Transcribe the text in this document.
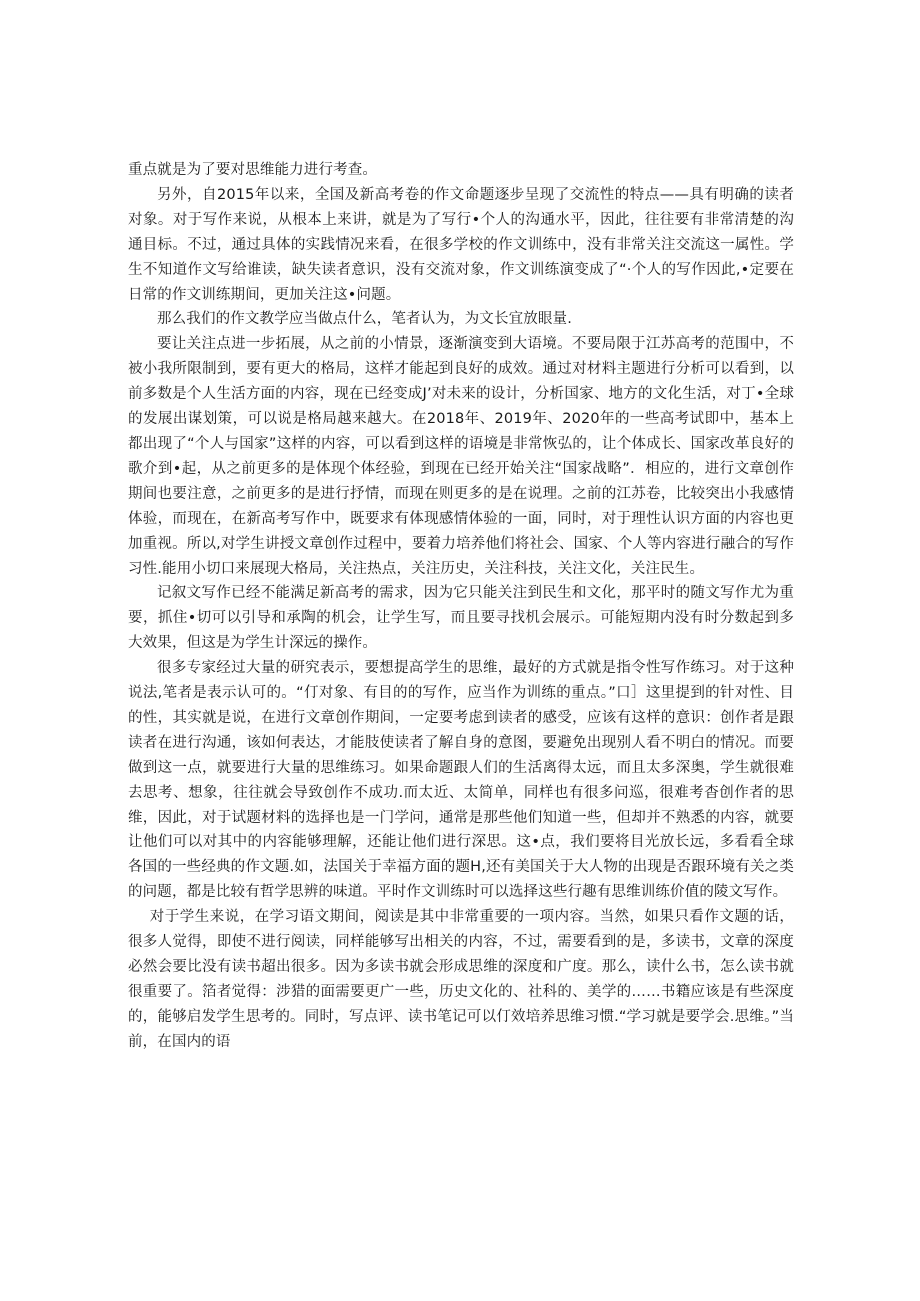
重点就是为了要对思维能力进行考查。

另外，自2015年以来，全国及新高考卷的作文命题逐步呈现了交流性的特点——具有明确的读者对象。对于写作来说，从根本上来讲，就是为了写行•个人的沟通水平，因此，往往要有非常清楚的沟通目标。不过，通过具体的实践情况来看，在很多学校的作文训练中，没有非常关注交流这一属性。学生不知道作文写给谁读，缺失读者意识，没有交流对象，作文训练演变成了“·个人的写作因此,•定要在日常的作文训练期间，更加关注这•问题。

那么我们的作文教学应当做点什么，笔者认为，为文长宜放眼量.

要让关注点进一步拓展，从之前的小情景，逐渐演变到大语境。不要局限于江苏高考的范围中，不被小我所限制到，要有更大的格局，这样才能起到良好的成效。通过对材料主题进行分析可以看到，以前多数是个人生活方面的内容，现在已经变成J’对未来的设计，分析国家、地方的文化生活，对丁•全球的发展出谋划策，可以说是格局越来越大。在2018年、2019年、2020年的一些高考试即中，基本上都出现了“个人与国家”这样的内容，可以看到这样的语境是非常恢弘的，让个体成长、国家改革良好的歌介到•起，从之前更多的是体现个体经验，到现在已经开始关注“国家战略”．相应的，进行文章创作期间也要注意，之前更多的是进行抒情，而现在则更多的是在说理。之前的江苏卷，比较突出小我感情体验，而现在，在新高考写作中，既要求有体现感情体验的一面，同时，对于理性认识方面的内容也更加重视。所以,对学生讲授文章创作过程中，要着力培养他们将社会、国家、个人等内容进行融合的写作习性.能用小切口来展现大格局，关注热点，关注历史，关注科技，关注文化，关注民生。

记叙文写作已经不能满足新高考的需求，因为它只能关注到民生和文化，那平时的随文写作尤为重要，抓住•切可以引导和承陶的机会，让学生写，而且要寻找机会展示。可能短期内没有时分数起到多大效果，但这是为学生计深远的操作。

很多专家经过大量的研究表示，要想提高学生的思维，最好的方式就是指令性写作练习。对于这种说法,笔者是表示认可的。“仃对象、有目的的写作，应当作为训练的重点。”口］这里提到的针对性、目的性，其实就是说，在进行文章创作期间，一定要考虑到读者的感受，应该有这样的意识：创作者是跟读者在进行沟通，该如何表达，才能肢使读者了解自身的意图，要避免出现别人看不明白的情况。而要做到这一点，就要进行大量的思维练习。如果命题跟人们的生活离得太远，而且太多深奥，学生就很难去思考、想象，往往就会导致创作不成功.而太近、太简单，同样也有很多问巡，很难考杳创作者的思维，因此，对于试题材料的选择也是一门学问，通常是那些他们知道一些，但却并不熟悉的内容，就要让他们可以对其中的内容能够理解，还能让他们进行深思。这•点，我们要将目光放长远，多看看全球各国的一些经典的作文题.如，法国关于幸福方面的题H,还有美国关于大人物的出现是否跟环境有关之类的问题，都是比较有哲学思辨的味道。平时作文训练时可以选择这些行趣有思维训练价值的陵文写作。

对于学生来说，在学习语文期间，阅读是其中非常重要的一项内容。当然，如果只看作文题的话，很多人觉得，即使不进行阅读，同样能够写出相关的内容，不过，需要看到的是，多读书，文章的深度必然会要比没有读书超出很多。因为多读书就会形成思维的深度和广度。那么，读什么书，怎么读书就很重要了。箔者觉得：涉猎的面需要更广一些，历史文化的、社科的、美学的……书籍应该是有些深度的，能够启发学生思考的。同时，写点评、读书笔记可以仃效培养思维习惯.“学习就是要学会.思维。”当前，在国内的语
